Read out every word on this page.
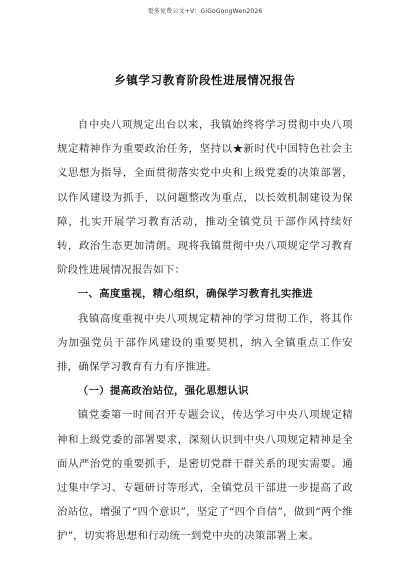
更多免费公文+V：GiGoGongWen2026
乡镇学习教育阶段性进展情况报告

自中央八项规定出台以来，我镇始终将学习贯彻中央八项规定精神作为重要政治任务，坚持以★新时代中国特色社会主义思想为指导，全面贯彻落实党中央和上级党委的决策部署，以作风建设为抓手，以问题整改为重点，以长效机制建设为保障，扎实开展学习教育活动，推动全镇党员干部作风持续好转，政治生态更加清朗。现将我镇贯彻中央八项规定学习教育阶段性进展情况报告如下：

一、高度重视，精心组织，确保学习教育扎实推进

我镇高度重视中央八项规定精神的学习贯彻工作，将其作为加强党员干部作风建设的重要契机，纳入全镇重点工作安排，确保学习教育有力有序推进。

（一）提高政治站位，强化思想认识

镇党委第一时间召开专题会议，传达学习中央八项规定精神和上级党委的部署要求，深刻认识到中央八项规定精神是全面从严治党的重要抓手，是密切党群干群关系的现实需要。通过集中学习、专题研讨等形式，全镇党员干部进一步提高了政治站位，增强了“四个意识”，坚定了“四个自信”，做到“两个维护”，切实将思想和行动统一到党中央的决策部署上来。
